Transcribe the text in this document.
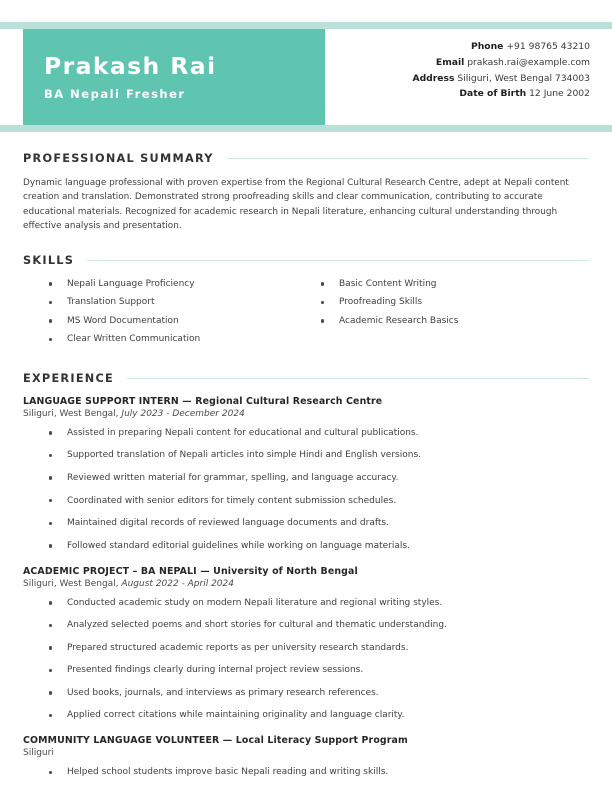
Prakash Rai
BA Nepali Fresher
Phone +91 98765 43210
Email prakash.rai@example.com
Address Siliguri, West Bengal 734003
Date of Birth 12 June 2002
PROFESSIONAL SUMMARY
Dynamic language professional with proven expertise from the Regional Cultural Research Centre, adept at Nepali content creation and translation. Demonstrated strong proofreading skills and clear communication, contributing to accurate educational materials. Recognized for academic research in Nepali literature, enhancing cultural understanding through effective analysis and presentation.
SKILLS
Nepali Language Proficiency
Translation Support
MS Word Documentation
Clear Written Communication
Basic Content Writing
Proofreading Skills
Academic Research Basics
EXPERIENCE
LANGUAGE SUPPORT INTERN — Regional Cultural Research Centre
Siliguri, West Bengal, July 2023 - December 2024
Assisted in preparing Nepali content for educational and cultural publications.
Supported translation of Nepali articles into simple Hindi and English versions.
Reviewed written material for grammar, spelling, and language accuracy.
Coordinated with senior editors for timely content submission schedules.
Maintained digital records of reviewed language documents and drafts.
Followed standard editorial guidelines while working on language materials.
ACADEMIC PROJECT – BA NEPALI — University of North Bengal
Siliguri, West Bengal, August 2022 - April 2024
Conducted academic study on modern Nepali literature and regional writing styles.
Analyzed selected poems and short stories for cultural and thematic understanding.
Prepared structured academic reports as per university research standards.
Presented findings clearly during internal project review sessions.
Used books, journals, and interviews as primary research references.
Applied correct citations while maintaining originality and language clarity.
COMMUNITY LANGUAGE VOLUNTEER — Local Literacy Support Program
Siliguri
Helped school students improve basic Nepali reading and writing skills.
